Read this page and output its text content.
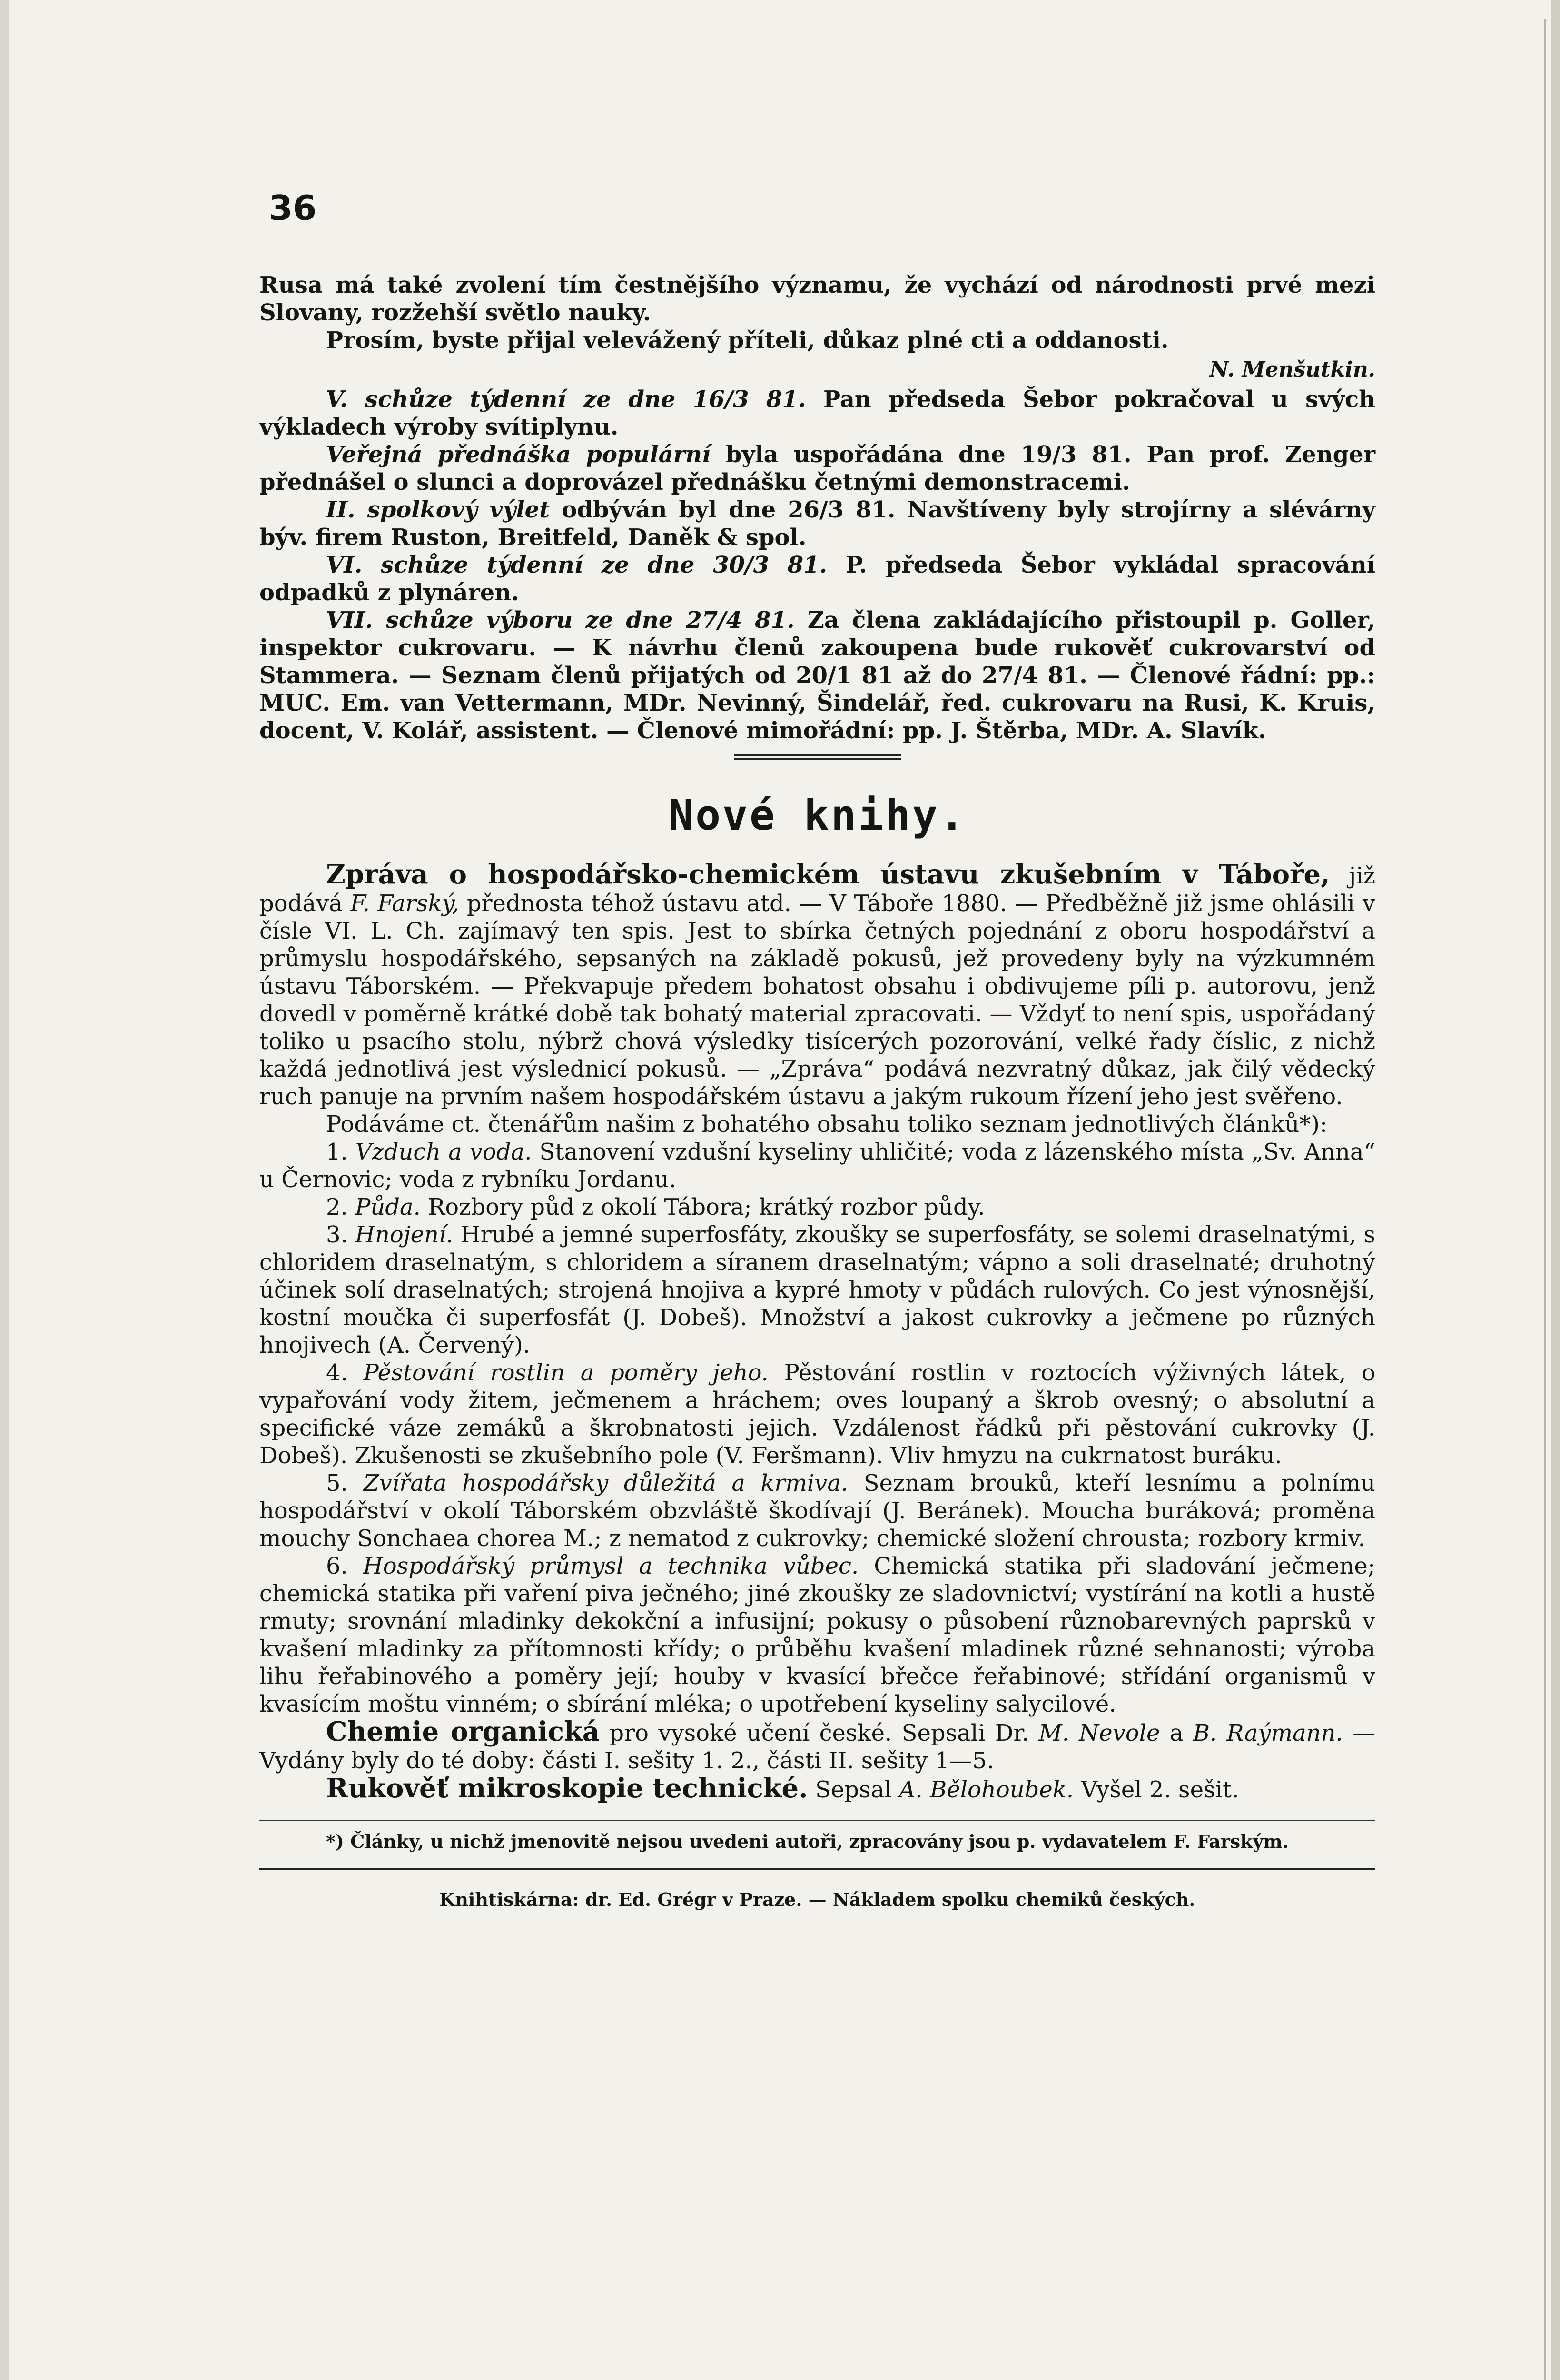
36

Rusa má také zvolení tím čestnějšího významu, že vychází od národnosti prvé mezi Slovany, rozžehší světlo nauky.

Prosím, byste přijal velevážený příteli, důkaz plné cti a oddanosti.

N. Menšutkin.

V. schůze týdenní ze dne 16/3 81. Pan předseda Šebor pokračoval u svých výkladech výroby svítiplynu.

Veřejná přednáška populární byla uspořádána dne 19/3 81. Pan prof. Zenger přednášel o slunci a doprovázel přednášku četnými demonstracemi.

II. spolkový výlet odbýván byl dne 26/3 81. Navštíveny byly strojírny a slévárny býv. firem Ruston, Breitfeld, Daněk & spol.

VI. schůze týdenní ze dne 30/3 81. P. předseda Šebor vykládal spracování odpadků z plynáren.

VII. schůze výboru ze dne 27/4 81. Za člena zakládajícího přistoupil p. Goller, inspektor cukrovaru. — K návrhu členů zakoupena bude rukověť cukrovarství od Stammera. — Seznam členů přijatých od 20/1 81 až do 27/4 81. — Členové řádní: pp.: MUC. Em. van Vettermann, MDr. Nevinný, Šindelář, řed. cukrovaru na Rusi, K. Kruis, docent, V. Kolář, assistent. — Členové mimořádní: pp. J. Štěrba, MDr. A. Slavík.

Nové knihy.

Zpráva o hospodářsko-chemickém ústavu zkušebním v Táboře, již podává F. Farský, přednosta téhož ústavu atd. — V Táboře 1880. — Předběžně již jsme ohlásili v čísle VI. L. Ch. zajímavý ten spis. Jest to sbírka četných pojednání z oboru hospodářství a průmyslu hospodářského, sepsaných na základě pokusů, jež provedeny byly na výzkumném ústavu Táborském. — Překvapuje předem bohatost obsahu i obdivujeme píli p. autorovu, jenž dovedl v poměrně krátké době tak bohatý material zpracovati. — Vždyť to není spis, uspořádaný toliko u psacího stolu, nýbrž chová výsledky tisícerých pozorování, velké řady číslic, z nichž každá jednotlivá jest výslednicí pokusů. — „Zpráva“ podává nezvratný důkaz, jak čilý vědecký ruch panuje na prvním našem hospodářském ústavu a jakým rukoum řízení jeho jest svěřeno.

Podáváme ct. čtenářům našim z bohatého obsahu toliko seznam jednotlivých článků*):

1. Vzduch a voda. Stanovení vzdušní kyseliny uhličité; voda z lázenského místa „Sv. Anna“ u Černovic; voda z rybníku Jordanu.

2. Půda. Rozbory půd z okolí Tábora; krátký rozbor půdy.

3. Hnojení. Hrubé a jemné superfosfáty, zkoušky se superfosfáty, se solemi draselnatými, s chloridem draselnatým, s chloridem a síranem draselnatým; vápno a soli draselnaté; druhotný účinek solí draselnatých; strojená hnojiva a kypré hmoty v půdách rulových. Co jest výnosnější, kostní moučka či superfosfát (J. Dobeš). Množství a jakost cukrovky a ječmene po různých hnojivech (A. Červený).

4. Pěstování rostlin a poměry jeho. Pěstování rostlin v roztocích výživných látek, o vypařování vody žitem, ječmenem a hráchem; oves loupaný a škrob ovesný; o absolutní a specifické váze zemáků a škrobnatosti jejich. Vzdálenost řádků při pěstování cukrovky (J. Dobeš). Zkušenosti se zkušebního pole (V. Feršmann). Vliv hmyzu na cukrnatost buráku.

5. Zvířata hospodářsky důležitá a krmiva. Seznam brouků, kteří lesnímu a polnímu hospodářství v okolí Táborském obzvláště škodívají (J. Beránek). Moucha buráková; proměna mouchy Sonchaea chorea M.; z nematod z cukrovky; chemické složení chrousta; rozbory krmiv.

6. Hospodářský průmysl a technika vůbec. Chemická statika při sladování ječmene; chemická statika při vaření piva ječného; jiné zkoušky ze sladovnictví; vystírání na kotli a hustě rmuty; srovnání mladinky dekokční a infusijní; pokusy o působení různobarevných paprsků v kvašení mladinky za přítomnosti křídy; o průběhu kvašení mladinek různé sehnanosti; výroba lihu řeřabinového a poměry její; houby v kvasící břečce řeřabinové; střídání organismů v kvasícím moštu vinném; o sbírání mléka; o upotřebení kyseliny salycilové.

Chemie organická pro vysoké učení české. Sepsali Dr. M. Nevole a B. Raýmann. — Vydány byly do té doby: části I. sešity 1. 2., části II. sešity 1—5.

Rukověť mikroskopie technické. Sepsal A. Bělohoubek. Vyšel 2. sešit.

*) Články, u nichž jmenovitě nejsou uvedeni autoři, zpracovány jsou p. vydavatelem F. Farským.

Knihtiskárna: dr. Ed. Grégr v Praze. — Nákladem spolku chemiků českých.
